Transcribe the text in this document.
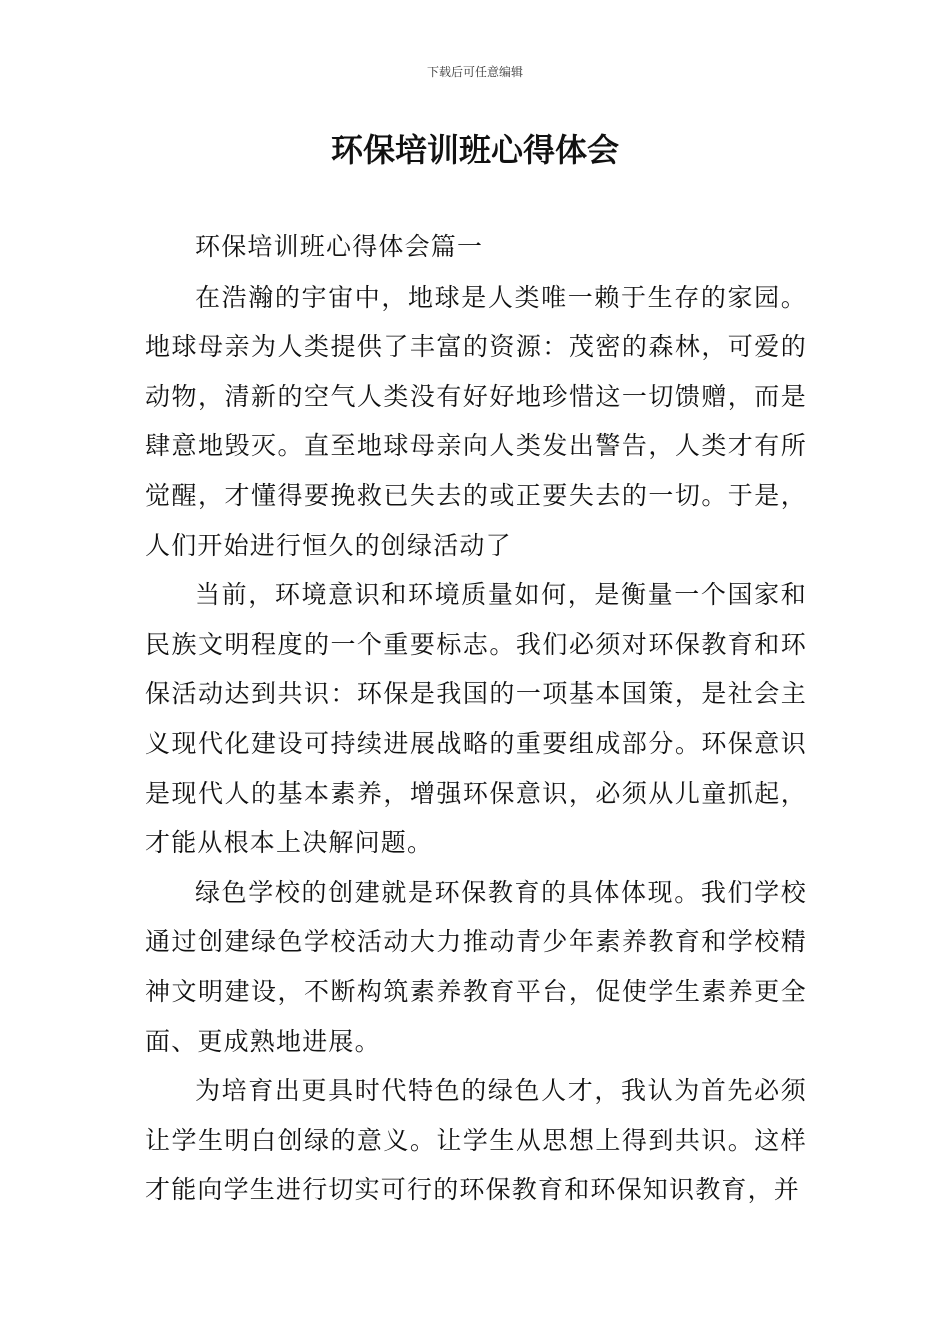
下载后可任意编辑
环保培训班心得体会

环保培训班心得体会篇一

在浩瀚的宇宙中，地球是人类唯一赖于生存的家园。地球母亲为人类提供了丰富的资源：茂密的森林，可爱的动物，清新的空气人类没有好好地珍惜这一切馈赠，而是肆意地毁灭。直至地球母亲向人类发出警告，人类才有所觉醒，才懂得要挽救已失去的或正要失去的一切。于是，人们开始进行恒久的创绿活动了

当前，环境意识和环境质量如何，是衡量一个国家和民族文明程度的一个重要标志。我们必须对环保教育和环保活动达到共识：环保是我国的一项基本国策，是社会主义现代化建设可持续进展战略的重要组成部分。环保意识是现代人的基本素养，增强环保意识，必须从儿童抓起，才能从根本上决解问题。

绿色学校的创建就是环保教育的具体体现。我们学校通过创建绿色学校活动大力推动青少年素养教育和学校精神文明建设，不断构筑素养教育平台，促使学生素养更全面、更成熟地进展。

为培育出更具时代特色的绿色人才，我认为首先必须让学生明白创绿的意义。让学生从思想上得到共识。这样才能向学生进行切实可行的环保教育和环保知识教育，并
